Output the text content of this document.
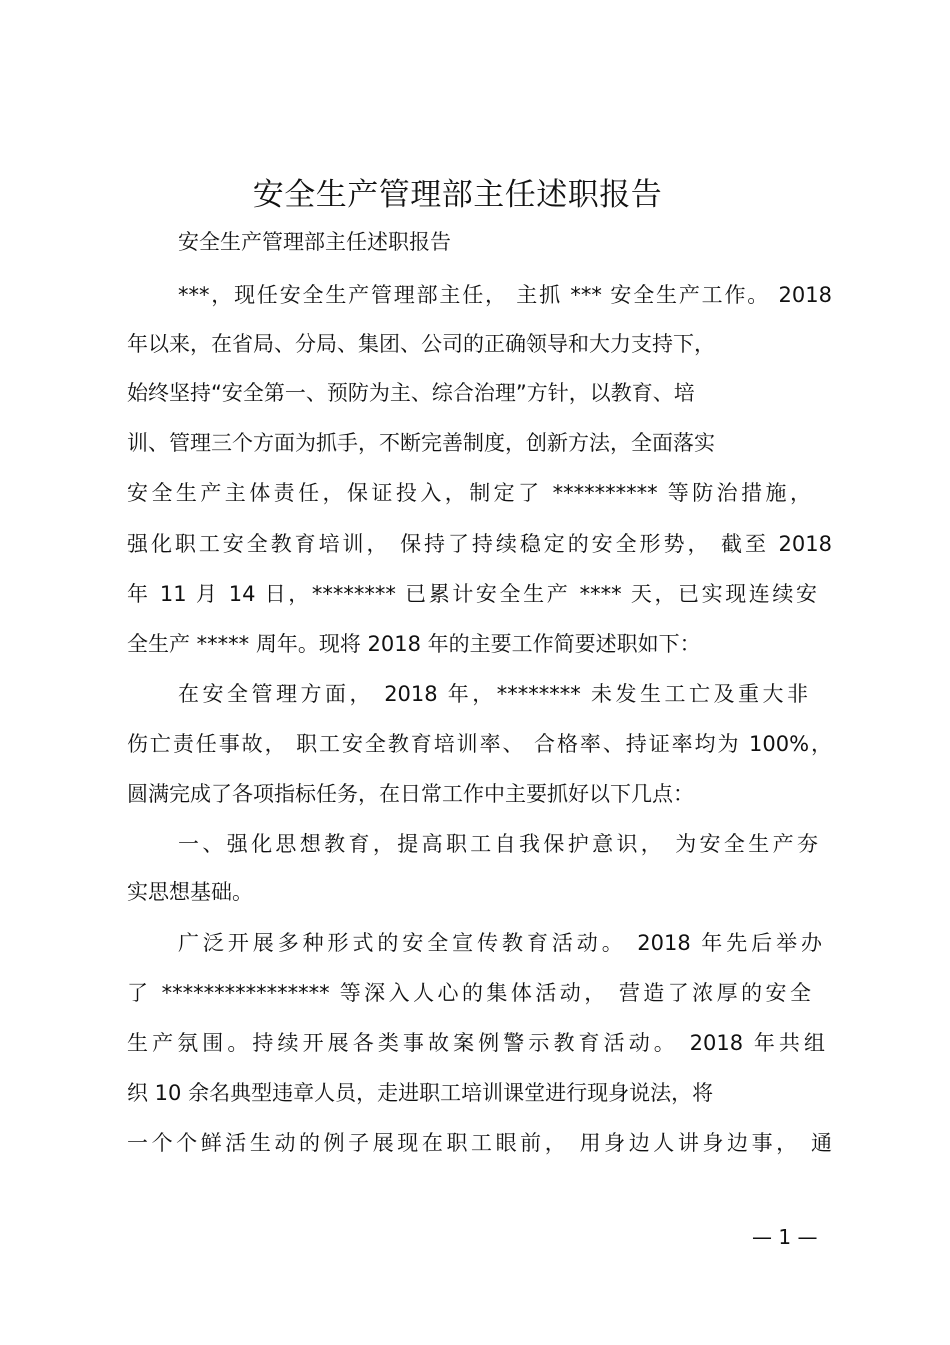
安全生产管理部主任述职报告
安全生产管理部主任述职报告
***，现任安全生产管理部主任， 主抓 *** 安全生产工作。 2018
年以来，在省局、分局、集团、公司的正确领导和大力支持下，
始终坚持“安全第一、预防为主、综合治理”方针，以教育、培
训、管理三个方面为抓手，不断完善制度，创新方法，全面落实
安全生产主体责任，保证投入，制定了 ********** 等防治措施，
强化职工安全教育培训， 保持了持续稳定的安全形势， 截至 2018
年 11 月 14 日，******** 已累计安全生产 **** 天，已实现连续安
全生产 ***** 周年。现将 2018 年的主要工作简要述职如下：
在安全管理方面， 2018 年，******** 未发生工亡及重大非
伤亡责任事故， 职工安全教育培训率、 合格率、持证率均为 100%，
圆满完成了各项指标任务，在日常工作中主要抓好以下几点：
一、强化思想教育，提高职工自我保护意识， 为安全生产夯
实思想基础。
广泛开展多种形式的安全宣传教育活动。 2018 年先后举办
了 **************** 等深入人心的集体活动， 营造了浓厚的安全
生产氛围。持续开展各类事故案例警示教育活动。 2018 年共组
织 10 余名典型违章人员，走进职工培训课堂进行现身说法，将
一个个鲜活生动的例子展现在职工眼前， 用身边人讲身边事， 通
— 1 —
